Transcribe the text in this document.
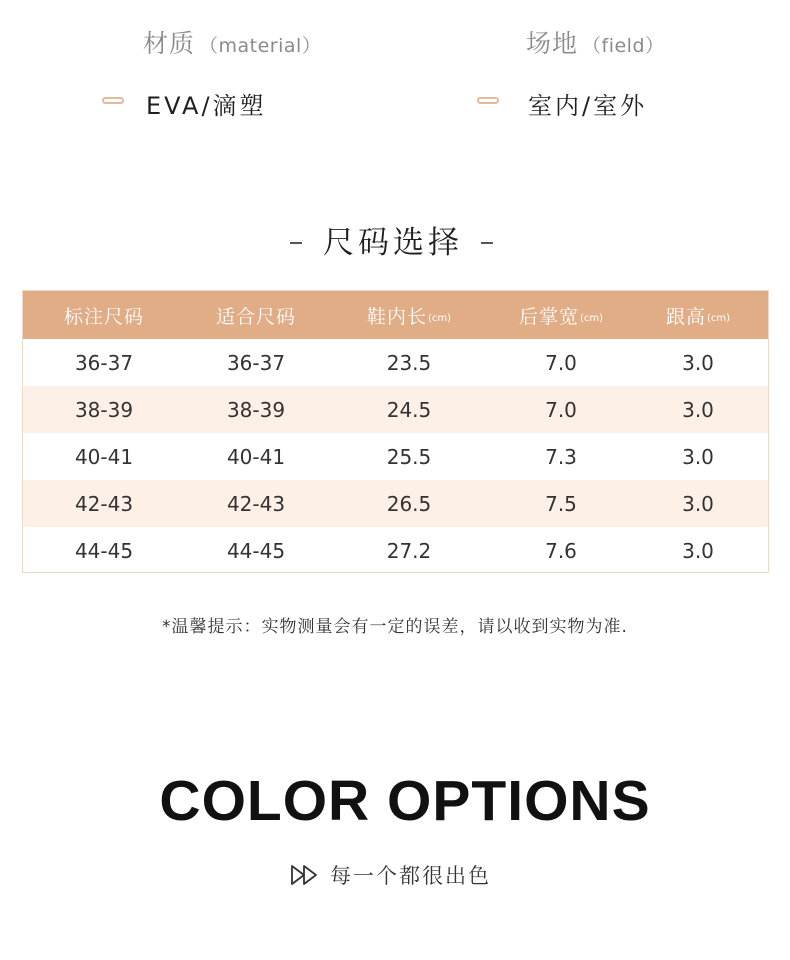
材质 （material）	场地 （field）
EVA/滴塑	室内/室外
尺码选择
标注尺码	适合尺码	鞋内长 (cm)	后掌宽 (cm)	跟高 (cm)
36-37	36-37	23.5	7.0	3.0
38-39	38-39	24.5	7.0	3.0
40-41	40-41	25.5	7.3	3.0
42-43	42-43	26.5	7.5	3.0
44-45	44-45	27.2	7.6	3.0
*温馨提示：实物测量会有一定的误差，请以收到实物为准.
COLOR OPTIONS
每一个都很出色
